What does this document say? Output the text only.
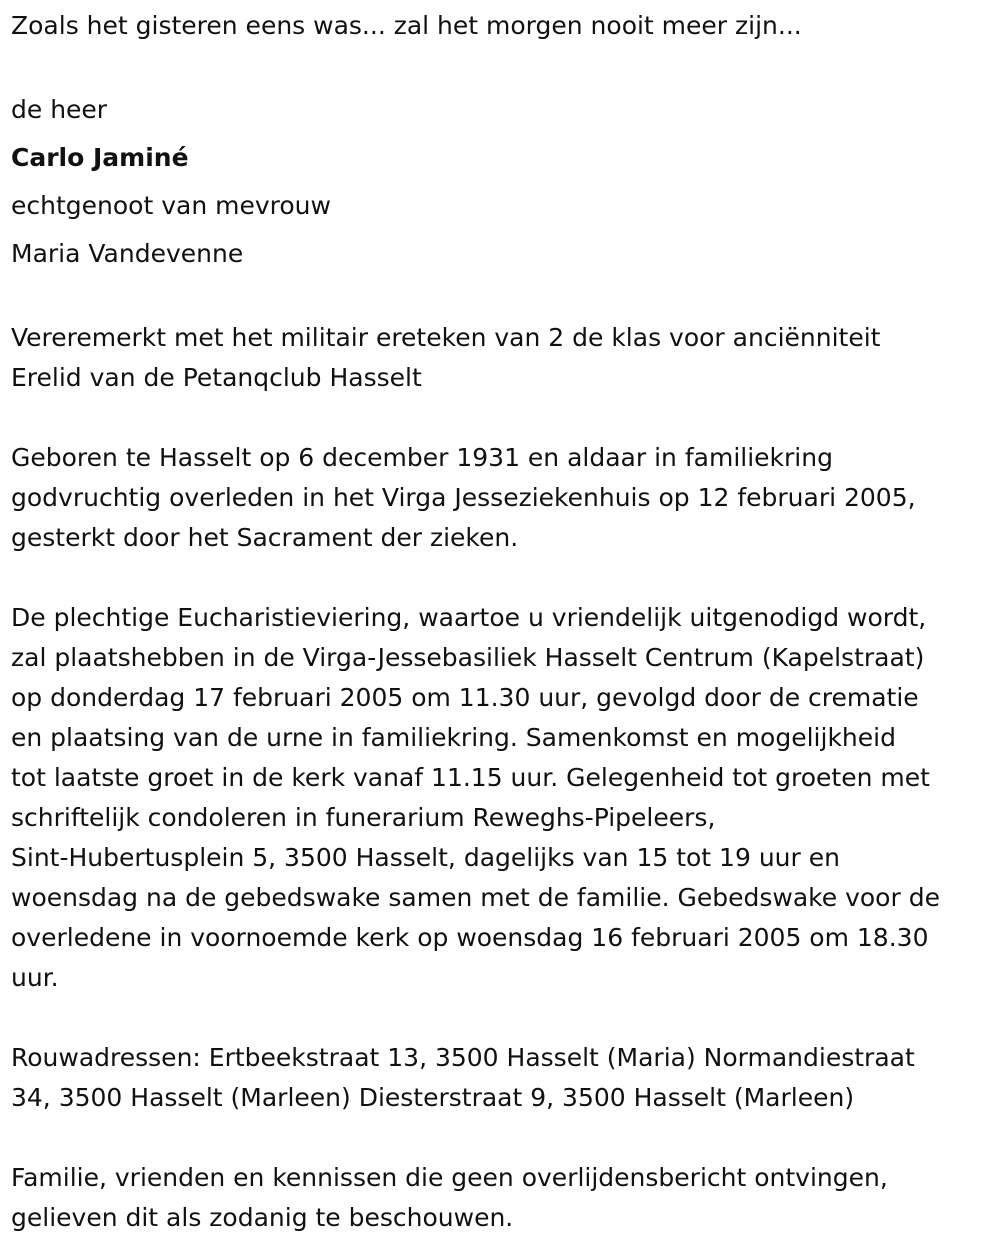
Zoals het gisteren eens was... zal het morgen nooit meer zijn...

de heer

Carlo Jaminé

echtgenoot van mevrouw

Maria Vandevenne

Vereremerkt met het militair ereteken van 2 de klas voor anciënniteit

Erelid van de Petanqclub Hasselt

Geboren te Hasselt op 6 december 1931 en aldaar in familiekring

godvruchtig overleden in het Virga Jesseziekenhuis op 12 februari 2005,

gesterkt door het Sacrament der zieken.

De plechtige Eucharistieviering, waartoe u vriendelijk uitgenodigd wordt,

zal plaatshebben in de Virga-Jessebasiliek Hasselt Centrum (Kapelstraat)

op donderdag 17 februari 2005 om 11.30 uur, gevolgd door de crematie

en plaatsing van de urne in familiekring. Samenkomst en mogelijkheid

tot laatste groet in de kerk vanaf 11.15 uur. Gelegenheid tot groeten met

schriftelijk condoleren in funerarium Reweghs-Pipeleers,

Sint-Hubertusplein 5, 3500 Hasselt, dagelijks van 15 tot 19 uur en

woensdag na de gebedswake samen met de familie. Gebedswake voor de

overledene in voornoemde kerk op woensdag 16 februari 2005 om 18.30

uur.

Rouwadressen: Ertbeekstraat 13, 3500 Hasselt (Maria) Normandiestraat

34, 3500 Hasselt (Marleen) Diesterstraat 9, 3500 Hasselt (Marleen)

Familie, vrienden en kennissen die geen overlijdensbericht ontvingen,

gelieven dit als zodanig te beschouwen.
